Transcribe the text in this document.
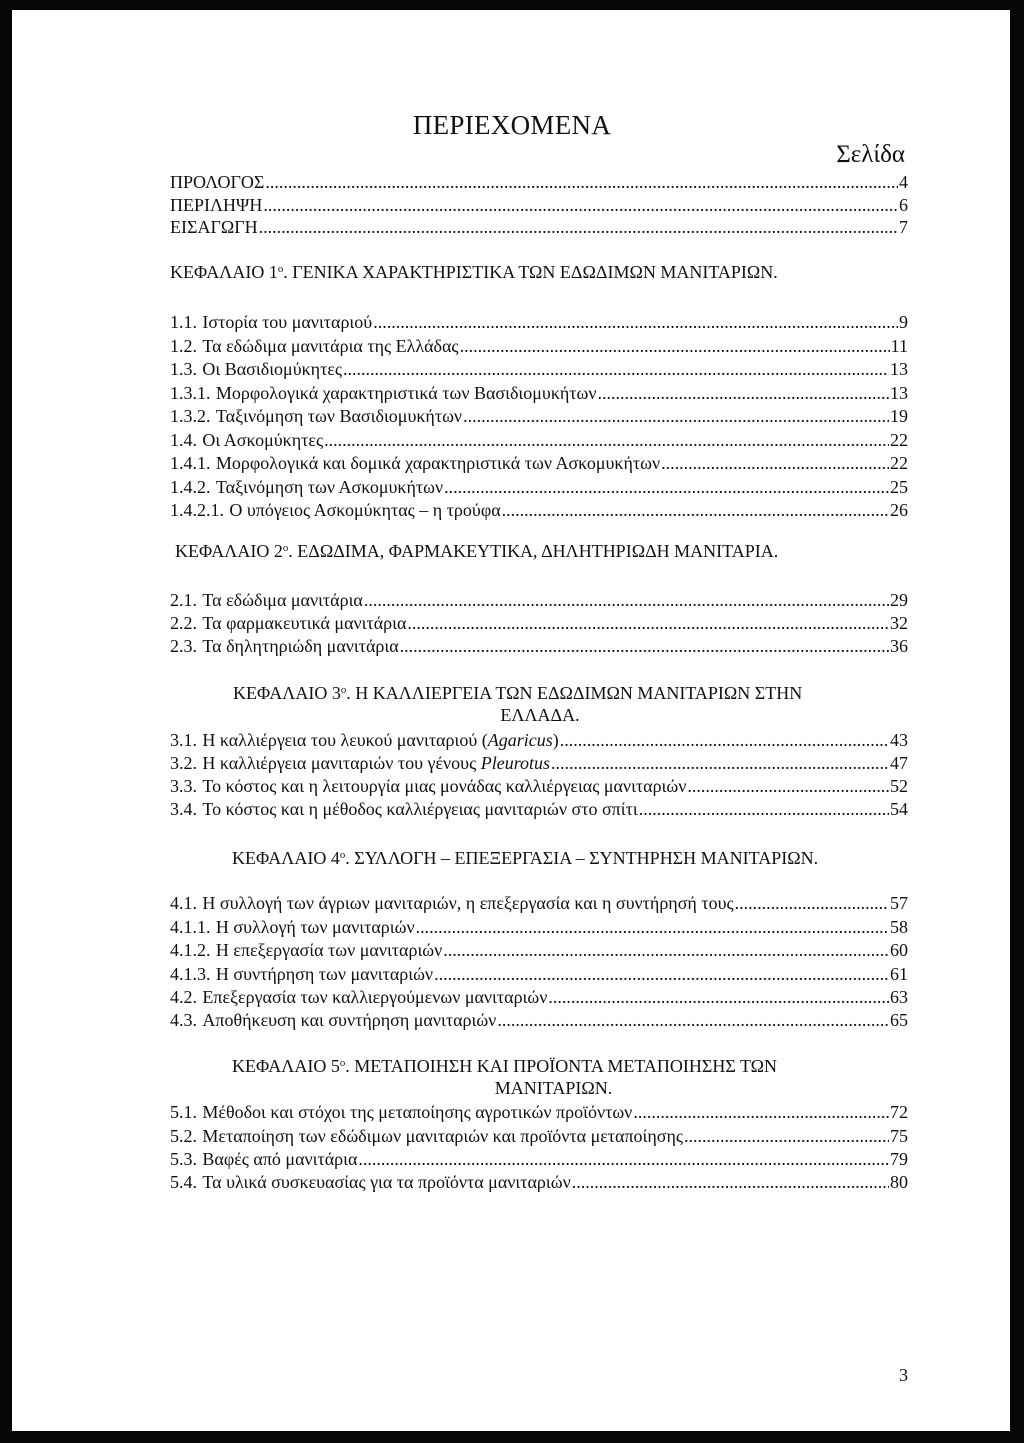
ΠΕΡΙΕΧΟΜΕΝΑ
Σελίδα
ΠΡΟΛΟΓΟΣ .....	4
ΠΕΡΙΛΗΨΗ .....	6
ΕΙΣΑΓΩΓΗ .....	7
ΚΕΦΑΛΑΙΟ $1^o$. ΓΕΝΙΚΑ ΧΑΡΑΚΤΗΡΙΣΤΙΚΑ ΤΩΝ ΕΔΩΔΙΜΩΝ ΜΑΝΙΤΑΡΙΩΝ.
1.1. Ιστορία του μανιταριού .....	9
1.2. Τα εδώδιμα μανιτάρια της Ελλάδας .....	11
1.3. Οι Βασιδιομύκητες .....	13
1.3.1. Μορφολογικά χαρακτηριστικά των Βασιδιομυκήτων .....	13
1.3.2. Ταξινόμηση των Βασιδιομυκήτων .....	19
1.4. Οι Ασκομύκητες .....	22
1.4.1. Μορφολογικά και δομικά χαρακτηριστικά των Ασκομυκήτων .....	22
1.4.2. Ταξινόμηση των Ασκομυκήτων .....	25
1.4.2.1. Ο υπόγειος Ασκομύκητας – η τρούφα .....	26
ΚΕΦΑΛΑΙΟ $2^o$. ΕΔΩΔΙΜΑ, ΦΑΡΜΑΚΕΥΤΙΚΑ, ΔΗΛΗΤΗΡΙΩΔΗ ΜΑΝΙΤΑΡΙΑ.
2.1. Τα εδώδιμα μανιτάρια .....	29
2.2. Τα φαρμακευτικά μανιτάρια .....	32
2.3. Τα δηλητηριώδη μανιτάρια .....	36
ΚΕΦΑΛΑΙΟ $3^o$. Η ΚΑΛΛΙΕΡΓΕΙΑ ΤΩΝ ΕΔΩΔΙΜΩΝ ΜΑΝΙΤΑΡΙΩΝ ΣΤΗΝ
ΕΛΛΑΔΑ.
3.1. Η καλλιέργεια του λευκού μανιταριού (Agaricus) .....	43
3.2. Η καλλιέργεια μανιταριών του γένους Pleurotus .....	47
3.3. Το κόστος και η λειτουργία μιας μονάδας καλλιέργειας μανιταριών .....	52
3.4. Το κόστος και η μέθοδος καλλιέργειας μανιταριών στο σπίτι .....	54
ΚΕΦΑΛΑΙΟ $4^o$. ΣΥΛΛΟΓΗ – ΕΠΕΞΕΡΓΑΣΙΑ – ΣΥΝΤΗΡΗΣΗ ΜΑΝΙΤΑΡΙΩΝ.
4.1. Η συλλογή των άγριων μανιταριών, η επεξεργασία και η συντήρησή τους .....	57
4.1.1. Η συλλογή των μανιταριών .....	58
4.1.2. Η επεξεργασία των μανιταριών .....	60
4.1.3. Η συντήρηση των μανιταριών .....	61
4.2. Επεξεργασία των καλλιεργούμενων μανιταριών .....	63
4.3. Αποθήκευση και συντήρηση μανιταριών .....	65
ΚΕΦΑΛΑΙΟ $5^o$. ΜΕΤΑΠΟΙΗΣΗ ΚΑΙ ΠΡΟΪΟΝΤΑ ΜΕΤΑΠΟΙΗΣΗΣ ΤΩΝ
ΜΑΝΙΤΑΡΙΩΝ.
5.1. Μέθοδοι και στόχοι της μεταποίησης αγροτικών προϊόντων .....	72
5.2. Μεταποίηση των εδώδιμων μανιταριών και προϊόντα μεταποίησης .....	75
5.3. Βαφές από μανιτάρια .....	79
5.4. Τα υλικά συσκευασίας για τα προϊόντα μανιταριών .....	80
3
